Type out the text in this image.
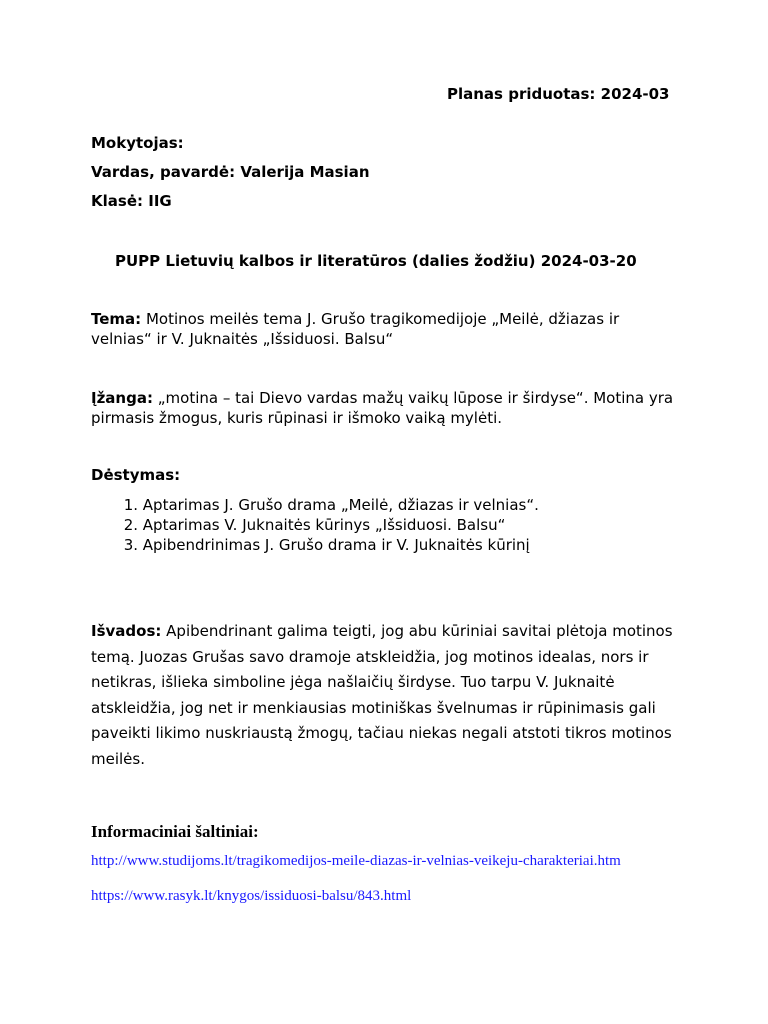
Planas priduotas: 2024-03

Mokytojas:

Vardas, pavardė: Valerija Masian

Klasė: IIG

PUPP Lietuvių kalbos ir literatūros (dalies žodžiu) 2024-03-20

Tema: Motinos meilės tema J. Grušo tragikomedijoje „Meilė, džiazas ir velnias“ ir V. Juknaitės „Išsiduosi. Balsu“

Įžanga: „motina – tai Dievo vardas mažų vaikų lūpose ir širdyse“. Motina yra pirmasis žmogus, kuris rūpinasi ir išmoko vaiką mylėti.

Dėstymas:

1. Aptarimas J. Grušo drama „Meilė, džiazas ir velnias“.
2. Aptarimas V. Juknaitės kūrinys „Išsiduosi. Balsu“
3. Apibendrinimas J. Grušo drama ir V. Juknaitės kūrinį

Išvados: Apibendrinant galima teigti, jog abu kūriniai savitai plėtoja motinos temą. Juozas Grušas savo dramoje atskleidžia, jog motinos idealas, nors ir netikras, išlieka simboline jėga našlaičių širdyse. Tuo tarpu V. Juknaitė atskleidžia, jog net ir menkiausias motiniškas švelnumas ir rūpinimasis gali paveikti likimo nuskriaustą žmogų, tačiau niekas negali atstoti tikros motinos meilės.

Informaciniai šaltiniai:

http://www.studijoms.lt/tragikomedijos-meile-diazas-ir-velnias-veikeju-charakteriai.htm
https://www.rasyk.lt/knygos/issiduosi-balsu/843.html
